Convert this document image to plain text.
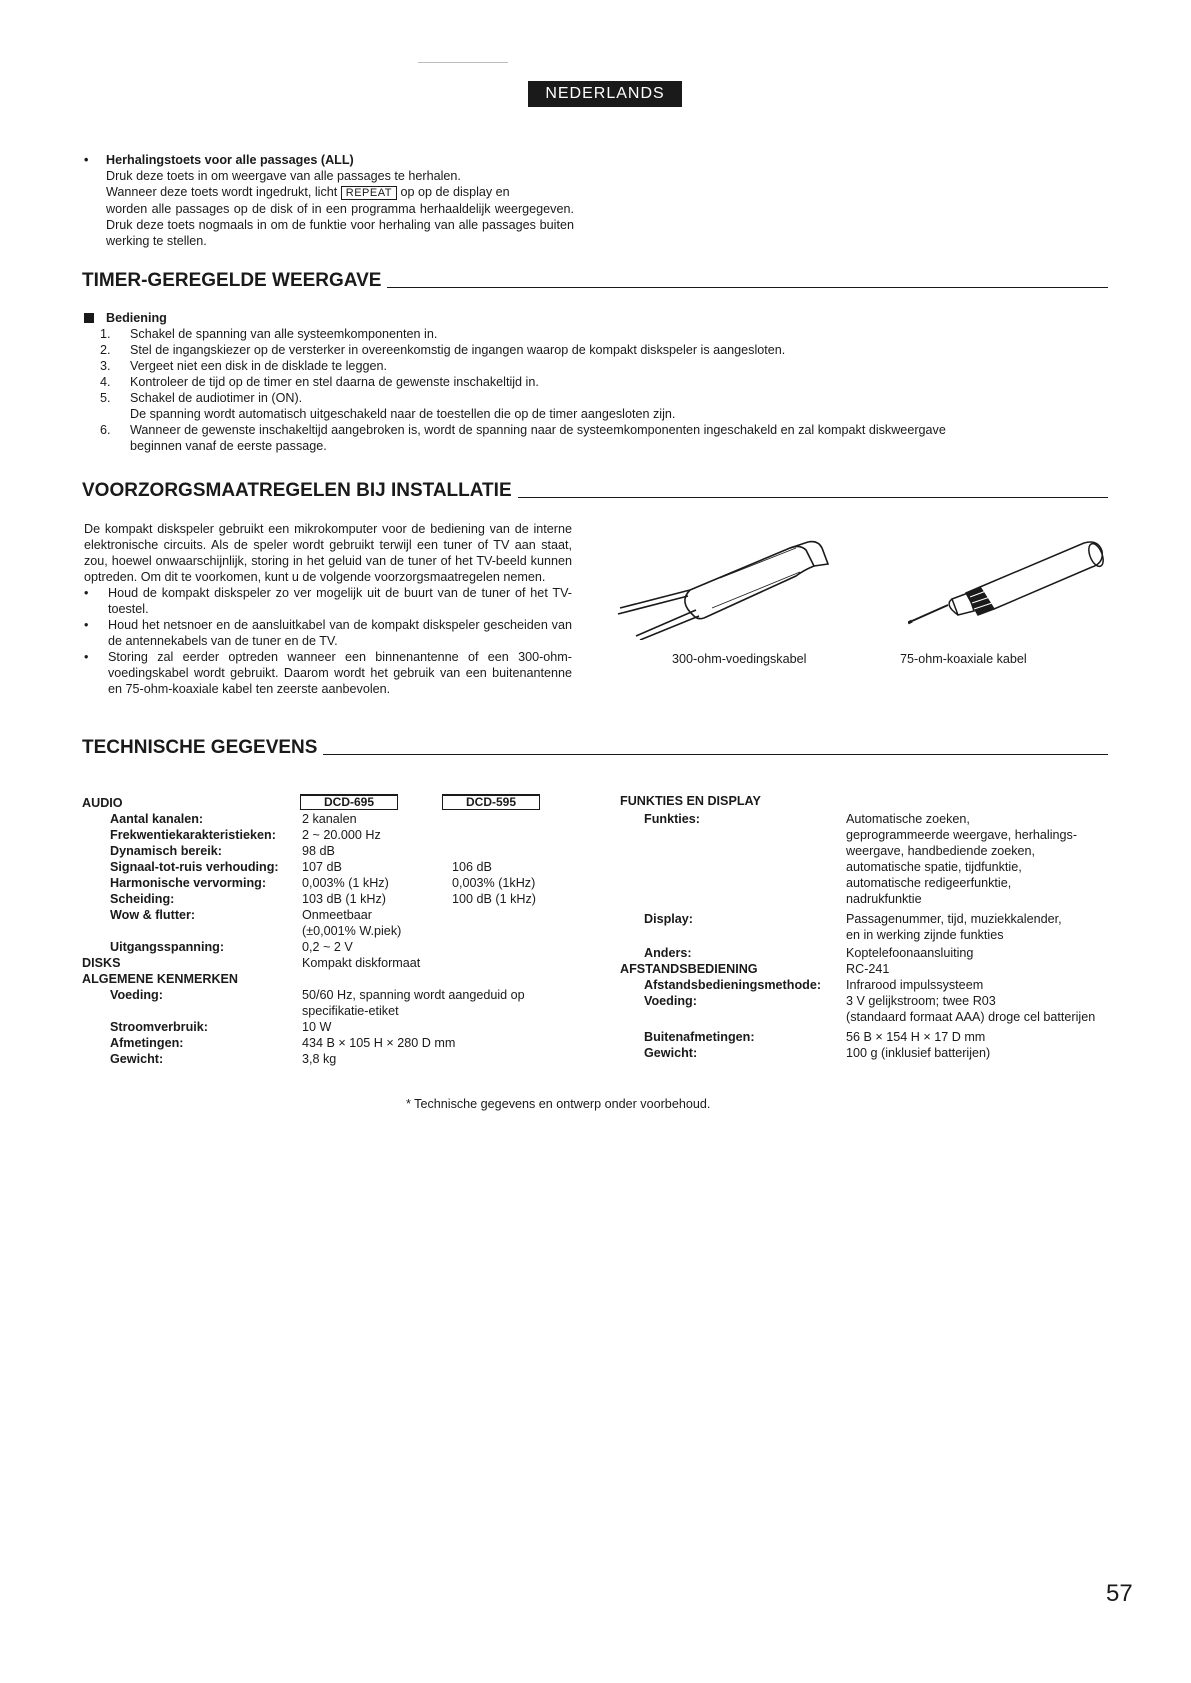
NEDERLANDS
• Herhalingstoets voor alle passages (ALL)
Druk deze toets in om weergave van alle passages te herhalen.
Wanneer deze toets wordt ingedrukt, licht REPEAT op op de display en
worden alle passages op de disk of in een programma herhaaldelijk weergegeven. Druk deze toets nogmaals in om de funktie voor herhaling van alle passages buiten werking te stellen.
TIMER-GEREGELDE WEERGAVE
Bediening
1.	Schakel de spanning van alle systeemkomponenten in.
2.	Stel de ingangskiezer op de versterker in overeenkomstig de ingangen waarop de kompakt diskspeler is aangesloten.
3.	Vergeet niet een disk in de disklade te leggen.
4.	Kontroleer de tijd op de timer en stel daarna de gewenste inschakeltijd in.
5.	Schakel de audiotimer in (ON).
De spanning wordt automatisch uitgeschakeld naar de toestellen die op de timer aangesloten zijn.
6.	Wanneer de gewenste inschakeltijd aangebroken is, wordt de spanning naar de systeemkomponenten ingeschakeld en zal kompakt diskweergave
beginnen vanaf de eerste passage.
VOORZORGSMAATREGELEN BIJ INSTALLATIE

De kompakt diskspeler gebruikt een mikrokomputer voor de bediening van de interne elektronische circuits. Als de speler wordt gebruikt terwijl een tuner of TV aan staat, zou, hoewel onwaarschijnlijk, storing in het geluid van de tuner of het TV-beeld kunnen optreden. Om dit te voorkomen, kunt u de volgende voorzorgsmaatregelen nemen.

• Houd de kompakt diskspeler zo ver mogelijk uit de buurt van de tuner of het TV-toestel.
• Houd het netsnoer en de aansluitkabel van de kompakt diskspeler gescheiden van de antennekabels van de tuner en de TV.
• Storing zal eerder optreden wanneer een binnenantenne of een 300-ohm-voedingskabel wordt gebruikt. Daarom wordt het gebruik van een buitenantenne en 75-ohm-koaxiale kabel ten zeerste aanbevolen.
300-ohm-voedingskabel	75-ohm-koaxiale kabel
TECHNISCHE GEGEVENS
DCD-695	DCD-595
AUDIO
Aantal kanalen:	2 kanalen
Frekwentiekarakteristieken:	2 ~ 20.000 Hz
Dynamisch bereik:	98 dB
Signaal-tot-ruis verhouding:	107 dB	106 dB
Harmonische vervorming:	0,003% (1 kHz)	0,003% (1kHz)
Scheiding:	103 dB (1 kHz)	100 dB (1 kHz)
Wow & flutter:	Onmeetbaar
(±0,001% W.piek)
Uitgangsspanning:	0,2 ~ 2 V
DISKS	Kompakt diskformaat
ALGEMENE KENMERKEN
Voeding:	50/60 Hz, spanning wordt aangeduid op
specifikatie-etiket
Stroomverbruik:	10 W
Afmetingen:	434 B × 105 H × 280 D mm
Gewicht:	3,8 kg
FUNKTIES EN DISPLAY
Funkties:	Automatische zoeken,
geprogrammeerde weergave, herhalings-
weergave, handbediende zoeken,
automatische spatie, tijdfunktie,
automatische redigeerfunktie,
nadrukfunktie
Display:	Passagenummer, tijd, muziekkalender,
en in werking zijnde funkties
Anders:	Koptelefoonaansluiting
AFSTANDSBEDIENING	RC-241
Afstandsbedieningsmethode:	Infrarood impulssysteem
Voeding:	3 V gelijkstroom; twee R03
(standaard formaat AAA) droge cel batterijen
Buitenafmetingen:	56 B × 154 H × 17 D mm
Gewicht:	100 g (inklusief batterijen)
* Technische gegevens en ontwerp onder voorbehoud.
57
